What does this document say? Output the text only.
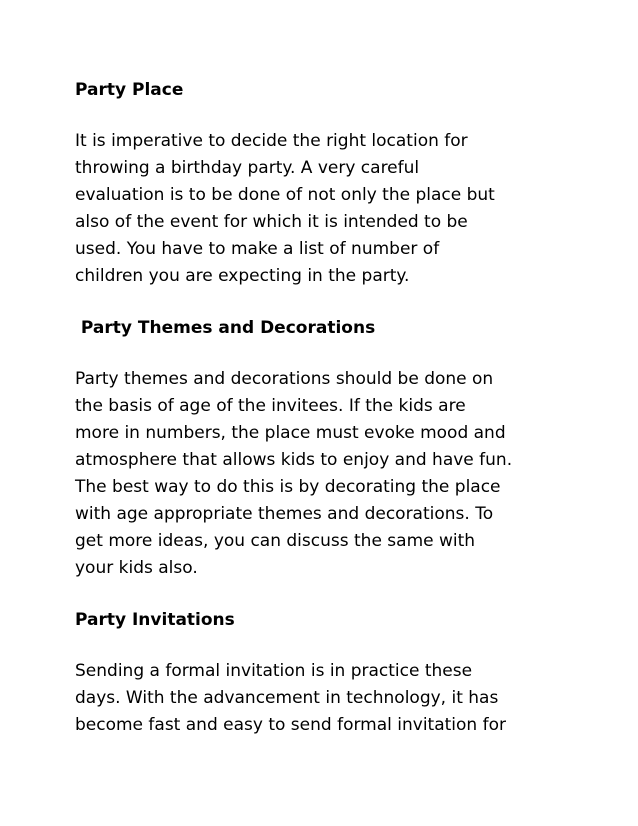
Party Place

It is imperative to decide the right location for
throwing a birthday party. A very careful
evaluation is to be done of not only the place but
also of the event for which it is intended to be
used. You have to make a list of number of
children you are expecting in the party.

Party Themes and Decorations

Party themes and decorations should be done on
the basis of age of the invitees. If the kids are
more in numbers, the place must evoke mood and
atmosphere that allows kids to enjoy and have fun.
The best way to do this is by decorating the place
with age appropriate themes and decorations. To
get more ideas, you can discuss the same with
your kids also.

Party Invitations

Sending a formal invitation is in practice these
days. With the advancement in technology, it has
become fast and easy to send formal invitation for
